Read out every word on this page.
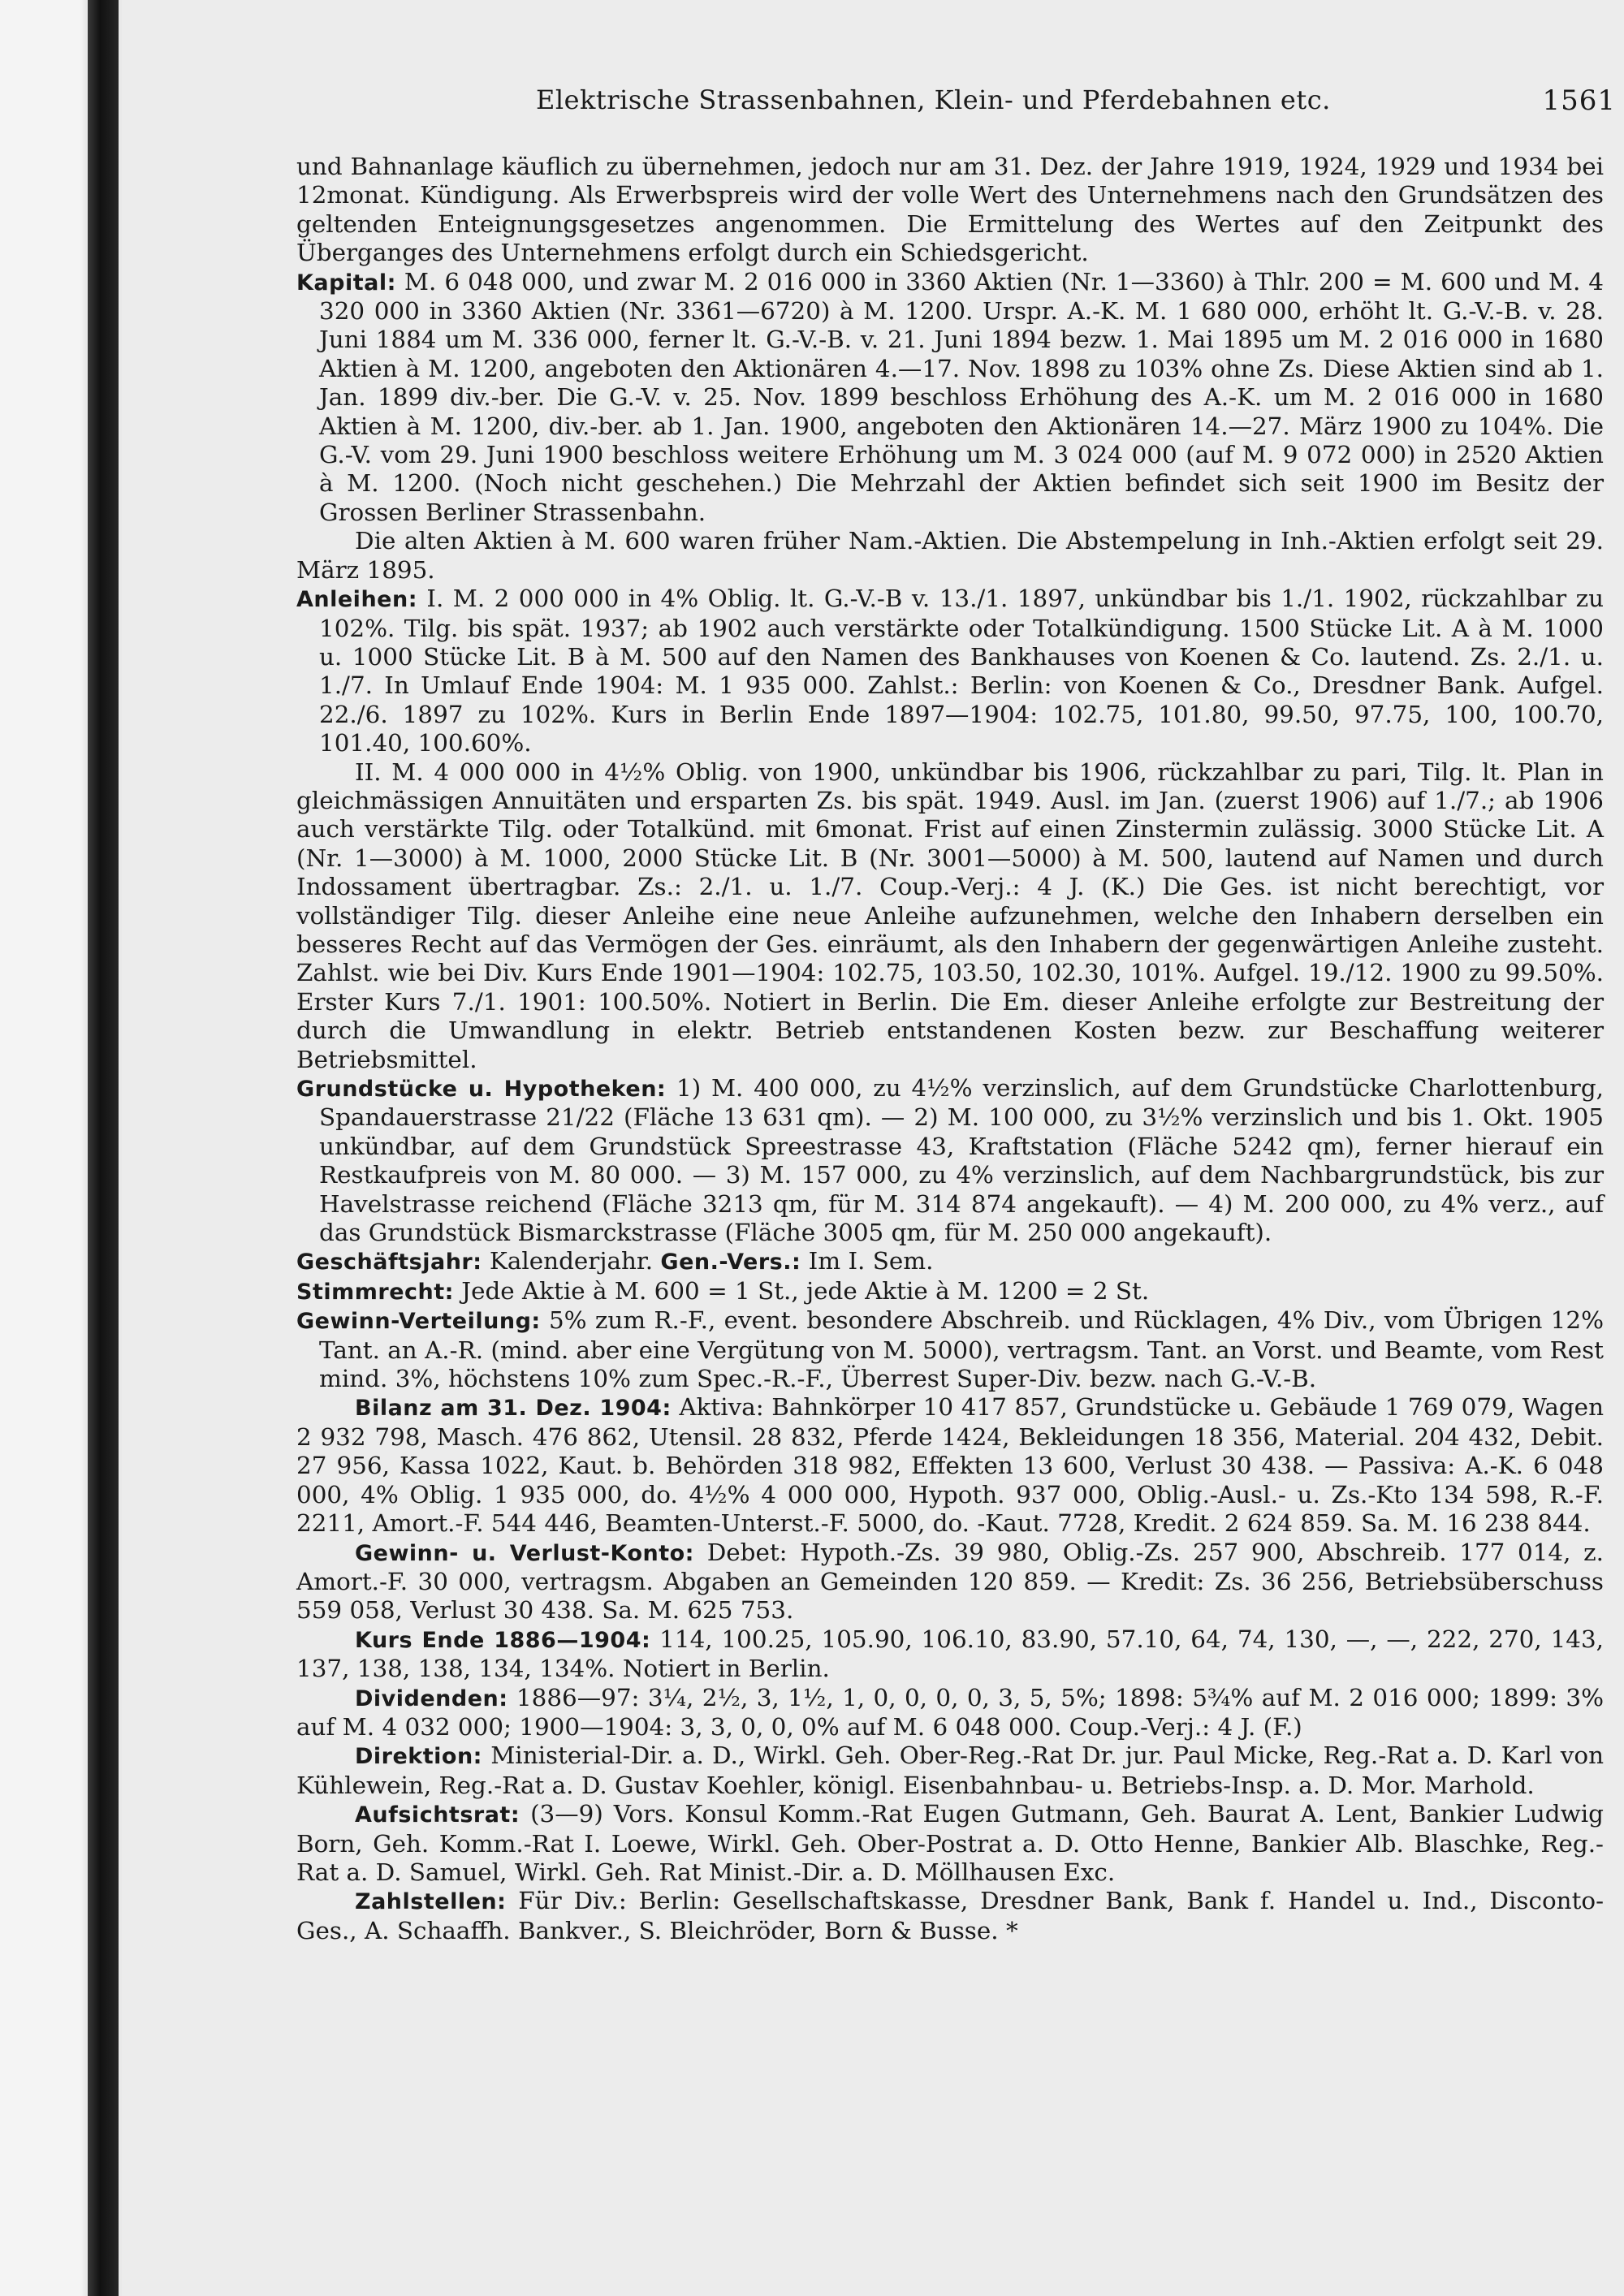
Elektrische Strassenbahnen, Klein- und Pferdebahnen etc.	1561

und Bahnanlage käuflich zu übernehmen, jedoch nur am 31. Dez. der Jahre 1919, 1924, 1929 und 1934 bei 12monat. Kündigung. Als Erwerbspreis wird der volle Wert des Unternehmens nach den Grundsätzen des geltenden Enteignungsgesetzes angenommen. Die Ermittelung des Wertes auf den Zeitpunkt des Überganges des Unternehmens erfolgt durch ein Schiedsgericht.

Kapital: M. 6 048 000, und zwar M. 2 016 000 in 3360 Aktien (Nr. 1—3360) à Thlr. 200 = M. 600 und M. 4 320 000 in 3360 Aktien (Nr. 3361—6720) à M. 1200. Urspr. A.-K. M. 1 680 000, erhöht lt. G.-V.-B. v. 28. Juni 1884 um M. 336 000, ferner lt. G.-V.-B. v. 21. Juni 1894 bezw. 1. Mai 1895 um M. 2 016 000 in 1680 Aktien à M. 1200, angeboten den Aktionären 4.—17. Nov. 1898 zu 103% ohne Zs. Diese Aktien sind ab 1. Jan. 1899 div.-ber. Die G.-V. v. 25. Nov. 1899 beschloss Erhöhung des A.-K. um M. 2 016 000 in 1680 Aktien à M. 1200, div.-ber. ab 1. Jan. 1900, angeboten den Aktionären 14.—27. März 1900 zu 104%. Die G.-V. vom 29. Juni 1900 beschloss weitere Erhöhung um M. 3 024 000 (auf M. 9 072 000) in 2520 Aktien à M. 1200. (Noch nicht geschehen.) Die Mehrzahl der Aktien befindet sich seit 1900 im Besitz der Grossen Berliner Strassenbahn.

Die alten Aktien à M. 600 waren früher Nam.-Aktien. Die Abstempelung in Inh.-Aktien erfolgt seit 29. März 1895.

Anleihen: I. M. 2 000 000 in 4% Oblig. lt. G.-V.-B v. 13./1. 1897, unkündbar bis 1./1. 1902, rückzahlbar zu 102%. Tilg. bis spät. 1937; ab 1902 auch verstärkte oder Totalkündigung. 1500 Stücke Lit. A à M. 1000 u. 1000 Stücke Lit. B à M. 500 auf den Namen des Bankhauses von Koenen & Co. lautend. Zs. 2./1. u. 1./7. In Umlauf Ende 1904: M. 1 935 000. Zahlst.: Berlin: von Koenen & Co., Dresdner Bank. Aufgel. 22./6. 1897 zu 102%. Kurs in Berlin Ende 1897—1904: 102.75, 101.80, 99.50, 97.75, 100, 100.70, 101.40, 100.60%.

II. M. 4 000 000 in 4½% Oblig. von 1900, unkündbar bis 1906, rückzahlbar zu pari, Tilg. lt. Plan in gleichmässigen Annuitäten und ersparten Zs. bis spät. 1949. Ausl. im Jan. (zuerst 1906) auf 1./7.; ab 1906 auch verstärkte Tilg. oder Totalkünd. mit 6monat. Frist auf einen Zinstermin zulässig. 3000 Stücke Lit. A (Nr. 1—3000) à M. 1000, 2000 Stücke Lit. B (Nr. 3001—5000) à M. 500, lautend auf Namen und durch Indossament übertragbar. Zs.: 2./1. u. 1./7. Coup.-Verj.: 4 J. (K.) Die Ges. ist nicht berechtigt, vor vollständiger Tilg. dieser Anleihe eine neue Anleihe aufzunehmen, welche den Inhabern derselben ein besseres Recht auf das Vermögen der Ges. einräumt, als den Inhabern der gegenwärtigen Anleihe zusteht. Zahlst. wie bei Div. Kurs Ende 1901—1904: 102.75, 103.50, 102.30, 101%. Aufgel. 19./12. 1900 zu 99.50%. Erster Kurs 7./1. 1901: 100.50%. Notiert in Berlin. Die Em. dieser Anleihe erfolgte zur Bestreitung der durch die Umwandlung in elektr. Betrieb entstandenen Kosten bezw. zur Beschaffung weiterer Betriebsmittel.

Grundstücke u. Hypotheken: 1) M. 400 000, zu 4½% verzinslich, auf dem Grundstücke Charlottenburg, Spandauerstrasse 21/22 (Fläche 13 631 qm). — 2) M. 100 000, zu 3½% verzinslich und bis 1. Okt. 1905 unkündbar, auf dem Grundstück Spreestrasse 43, Kraftstation (Fläche 5242 qm), ferner hierauf ein Restkaufpreis von M. 80 000. — 3) M. 157 000, zu 4% verzinslich, auf dem Nachbargrundstück, bis zur Havelstrasse reichend (Fläche 3213 qm, für M. 314 874 angekauft). — 4) M. 200 000, zu 4% verz., auf das Grundstück Bismarckstrasse (Fläche 3005 qm, für M. 250 000 angekauft).

Geschäftsjahr: Kalenderjahr. Gen.-Vers.: Im I. Sem.

Stimmrecht: Jede Aktie à M. 600 = 1 St., jede Aktie à M. 1200 = 2 St.

Gewinn-Verteilung: 5% zum R.-F., event. besondere Abschreib. und Rücklagen, 4% Div., vom Übrigen 12% Tant. an A.-R. (mind. aber eine Vergütung von M. 5000), vertragsm. Tant. an Vorst. und Beamte, vom Rest mind. 3%, höchstens 10% zum Spec.-R.-F., Überrest Super-Div. bezw. nach G.-V.-B.

Bilanz am 31. Dez. 1904: Aktiva: Bahnkörper 10 417 857, Grundstücke u. Gebäude 1 769 079, Wagen 2 932 798, Masch. 476 862, Utensil. 28 832, Pferde 1424, Bekleidungen 18 356, Material. 204 432, Debit. 27 956, Kassa 1022, Kaut. b. Behörden 318 982, Effekten 13 600, Verlust 30 438. — Passiva: A.-K. 6 048 000, 4% Oblig. 1 935 000, do. 4½% 4 000 000, Hypoth. 937 000, Oblig.-Ausl.- u. Zs.-Kto 134 598, R.-F. 2211, Amort.-F. 544 446, Beamten-Unterst.-F. 5000, do. -Kaut. 7728, Kredit. 2 624 859. Sa. M. 16 238 844.

Gewinn- u. Verlust-Konto: Debet: Hypoth.-Zs. 39 980, Oblig.-Zs. 257 900, Abschreib. 177 014, z. Amort.-F. 30 000, vertragsm. Abgaben an Gemeinden 120 859. — Kredit: Zs. 36 256, Betriebsüberschuss 559 058, Verlust 30 438. Sa. M. 625 753.

Kurs Ende 1886—1904: 114, 100.25, 105.90, 106.10, 83.90, 57.10, 64, 74, 130, —, —, 222, 270, 143, 137, 138, 138, 134, 134%. Notiert in Berlin.

Dividenden: 1886—97: 3¼, 2½, 3, 1½, 1, 0, 0, 0, 0, 3, 5, 5%; 1898: 5¾% auf M. 2 016 000; 1899: 3% auf M. 4 032 000; 1900—1904: 3, 3, 0, 0, 0% auf M. 6 048 000. Coup.-Verj.: 4 J. (F.)

Direktion: Ministerial-Dir. a. D., Wirkl. Geh. Ober-Reg.-Rat Dr. jur. Paul Micke, Reg.-Rat a. D. Karl von Kühlewein, Reg.-Rat a. D. Gustav Koehler, königl. Eisenbahnbau- u. Betriebs-Insp. a. D. Mor. Marhold.

Aufsichtsrat: (3—9) Vors. Konsul Komm.-Rat Eugen Gutmann, Geh. Baurat A. Lent, Bankier Ludwig Born, Geh. Komm.-Rat I. Loewe, Wirkl. Geh. Ober-Postrat a. D. Otto Henne, Bankier Alb. Blaschke, Reg.-Rat a. D. Samuel, Wirkl. Geh. Rat Minist.-Dir. a. D. Möllhausen Exc.

Zahlstellen: Für Div.: Berlin: Gesellschaftskasse, Dresdner Bank, Bank f. Handel u. Ind., Disconto-Ges., A. Schaaffh. Bankver., S. Bleichröder, Born & Busse. *
